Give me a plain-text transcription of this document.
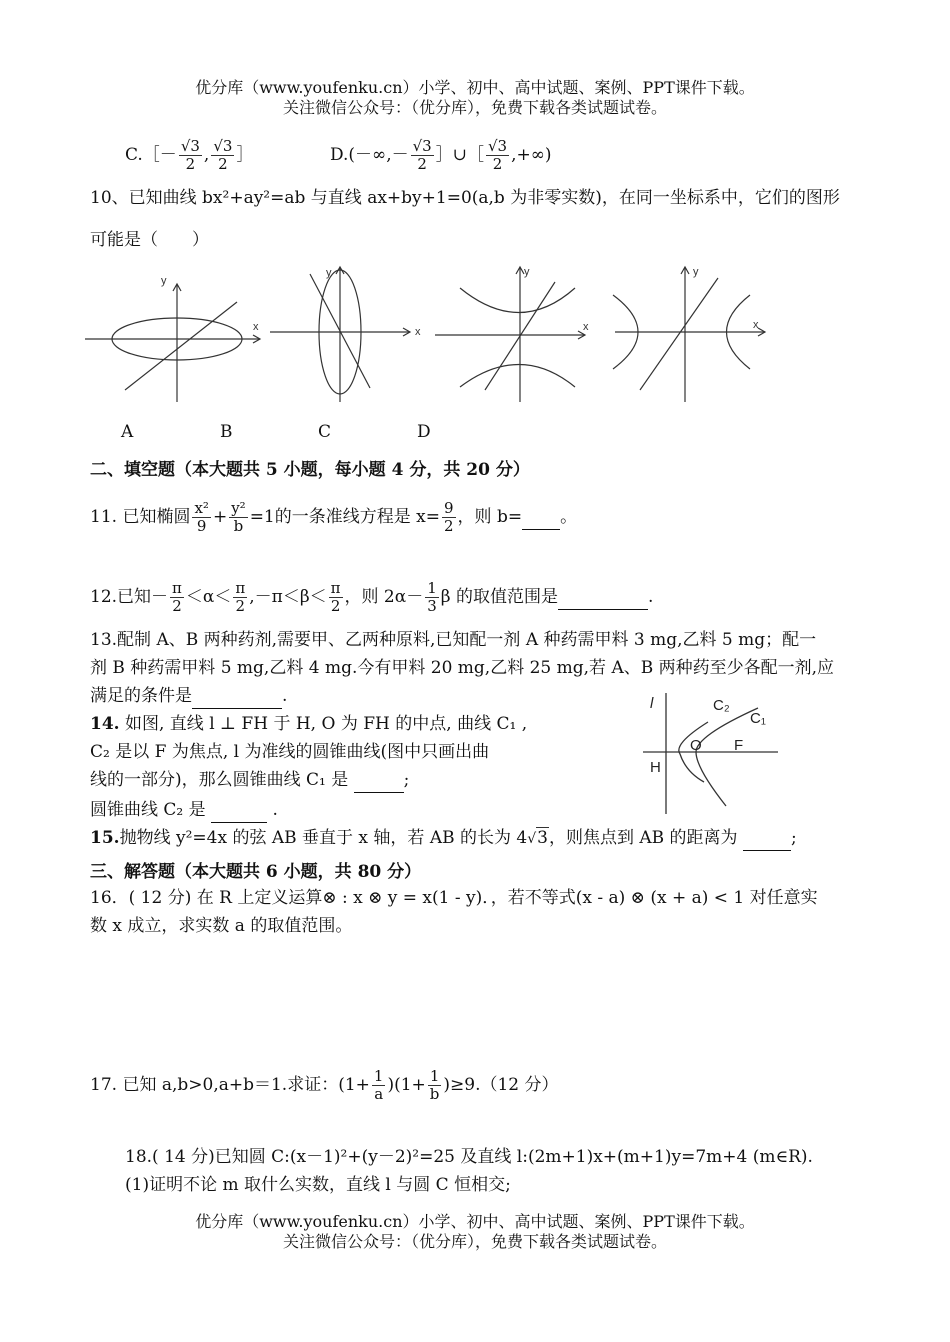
优分库（www.youfenku.cn）小学、初中、高中试题、案例、PPT课件下载。
关注微信公众号：（优分库），免费下载各类试题试卷。
C.［－ $\frac{√3}{2}$ , $\frac{√3}{2}$ ］	$D.(-\infty,- \frac{√3}{2}$ ］∪［ $\frac{√3}{2}$ ,+∞)
10、已知曲线 bx²+ay²=ab 与直线 ax+by+1=0(a,b 为非零实数)，在同一坐标系中，它们的图形
可能是（　　）
x
y
x
y
x
y
x
y
A	B	C	D
二、填空题（本大题共 5 小题，每小题 4 分，共 20 分）
11. 已知椭圆 $\frac{\text{x²}}{9} + \frac{\text{y²}}{b} =1$的一条准线方程是 $x= \frac{9}{2}$ ，则 b= 。
12.已知－ $\frac{\pi}{2} <\alpha< \frac{\pi}{2} ,-\pi<\beta< \frac{\pi}{2}$ ，则 $2\alpha- \frac{1}{3}$ β 的取值范围是	.
13.配制 A、B 两种药剂,需要甲、乙两种原料,已知配一剂 A 种药需甲料 3 mg,乙料 5 mg；配一
剂 B 种药需甲料 5 mg,乙料 4 mg.今有甲料 20 mg,乙料 25 mg,若 A、B 两种药至少各配一剂,应
满足的条件是	.
14. 如图, 直线 l ⊥ FH 于 H, O 为 FH 的中点, 曲线 C₁ ,
C₂ 是以 F 为焦点, l 为准线的圆锥曲线(图中只画出曲
线的一部分)，那么圆锥曲线 C₁ 是	;
圆锥曲线 C₂ 是	.
l	C₂
C₁
O F
H
15.抛物线 y²=4x 的弦 AB 垂直于 x 轴，若 AB 的长为 4√3，则焦点到 AB 的距离为	;
三、解答题（本大题共 6 小题，共 80 分）
16．( 12 分) 在 R 上定义运算⊗ : x ⊗ y = x(1 - y)．，若不等式(x - a) ⊗ (x + a) < 1 对任意实
数 x 成立，求实数 a 的取值范围。
17. 已知 a,b>0,a+b＝1.求证：$(1+ \frac{1}{a} )(1+ \frac{1}{b} )\ge 9.(12$ 分）
18.( 14 分)已知圆 C:(x－1)²+(y－2)²=25 及直线 l:(2m+1)x+(m+1)y=7m+4 (m∈R).
(1)证明不论 m 取什么实数，直线 l 与圆 C 恒相交;
优分库（www.youfenku.cn）小学、初中、高中试题、案例、PPT课件下载。
关注微信公众号：（优分库），免费下载各类试题试卷。
